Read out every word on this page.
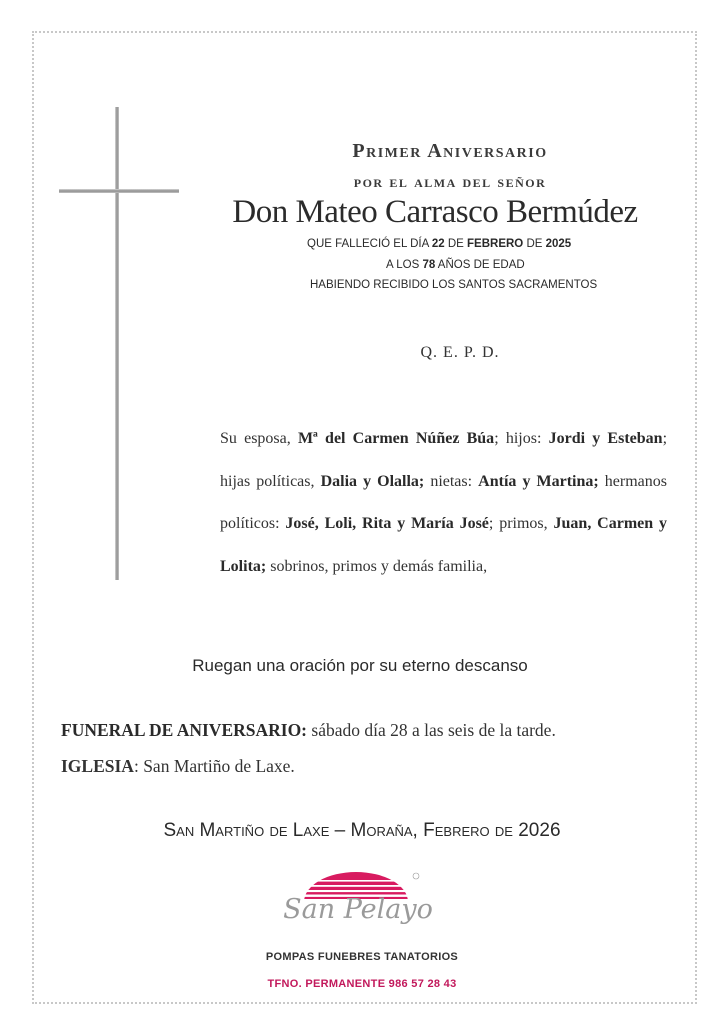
Primer Aniversario
por el alma del señor
Don Mateo Carrasco Bermúdez
QUE FALLECIÓ EL DÍA 22 DE FEBRERO DE 2025
A LOS 78 AÑOS DE EDAD
HABIENDO RECIBIDO LOS SANTOS SACRAMENTOS
Q. E. P. D.
Su esposa, Mª del Carmen Núñez Búa; hijos: Jordi y Esteban; hijas políticas, Dalia y Olalla; nietas: Antía y Martina; hermanos políticos: José, Loli, Rita y María José; primos, Juan, Carmen y Lolita; sobrinos, primos y demás familia,
Ruegan una oración por su eterno descanso
FUNERAL DE ANIVERSARIO: sábado día 28 a las seis de la tarde.
IGLESIA: San Martiño de Laxe.
San Martiño de Laxe – Moraña, Febrero de 2026
San Pelayo
POMPAS FUNEBRES TANATORIOS
TFNO. PERMANENTE 986 57 28 43
